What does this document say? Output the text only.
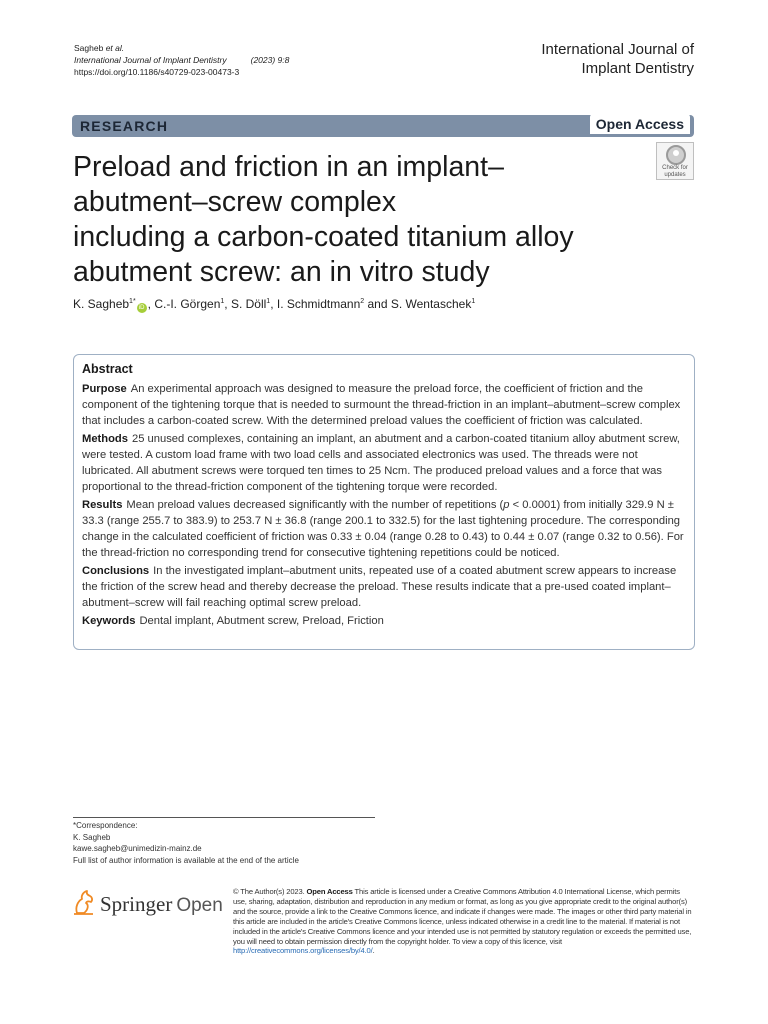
Sagheb et al.
International Journal of Implant Dentistry	(2023) 9:8
https://doi.org/10.1186/s40729-023-00473-3
International Journal of
Implant Dentistry
RESEARCH	Open Access
Preload and friction in an implant–
abutment–screw complex
including a carbon-coated titanium alloy
abutment screw: an in vitro study
Check for
updates
K. Sagheb$^{1*}$iD , C.-I. Görgen$^1$, S. Döll$^1$, I. Schmidtmann$^2$ and S. Wentaschek$^1$
Abstract

Purpose An experimental approach was designed to measure the preload force, the coefficient of friction and the component of the tightening torque that is needed to surmount the thread-friction in an implant–abutment–screw complex that includes a carbon-coated screw. With the determined preload values the coefficient of friction was calculated.

Methods 25 unused complexes, containing an implant, an abutment and a carbon-coated titanium alloy abutment screw, were tested. A custom load frame with two load cells and associated electronics was used. The threads were not lubricated. All abutment screws were torqued ten times to 25 Ncm. The produced preload values and a force that was proportional to the thread-friction component of the tightening torque were recorded.

Results Mean preload values decreased significantly with the number of repetitions (p < 0.0001) from initially 329.9 N ± 33.3 (range 255.7 to 383.9) to 253.7 N ± 36.8 (range 200.1 to 332.5) for the last tightening procedure. The corresponding change in the calculated coefficient of friction was 0.33 ± 0.04 (range 0.28 to 0.43) to 0.44 ± 0.07 (range 0.32 to 0.56). For the thread-friction no corresponding trend for consecutive tightening repetitions could be noticed.

Conclusions In the investigated implant–abutment units, repeated use of a coated abutment screw appears to increase the friction of the screw head and thereby decrease the preload. These results indicate that a pre-used coated implant–abutment–screw will fail reaching optimal screw preload.

Keywords Dental implant, Abutment screw, Preload, Friction

*Correspondence:
K. Sagheb
kawe.sagheb@unimedizin-mainz.de
Full list of author information is available at the end of the article
Springer Open
© The Author(s) 2023. Open Access This article is licensed under a Creative Commons Attribution 4.0 International License, which permits use, sharing, adaptation, distribution and reproduction in any medium or format, as long as you give appropriate credit to the original author(s) and the source, provide a link to the Creative Commons licence, and indicate if changes were made. The images or other third party material in this article are included in the article's Creative Commons licence, unless indicated otherwise in a credit line to the material. If material is not included in the article's Creative Commons licence and your intended use is not permitted by statutory regulation or exceeds the permitted use, you will need to obtain permission directly from the copyright holder. To view a copy of this licence, visit http://creativecommons.org/licenses/by/4.0/.
